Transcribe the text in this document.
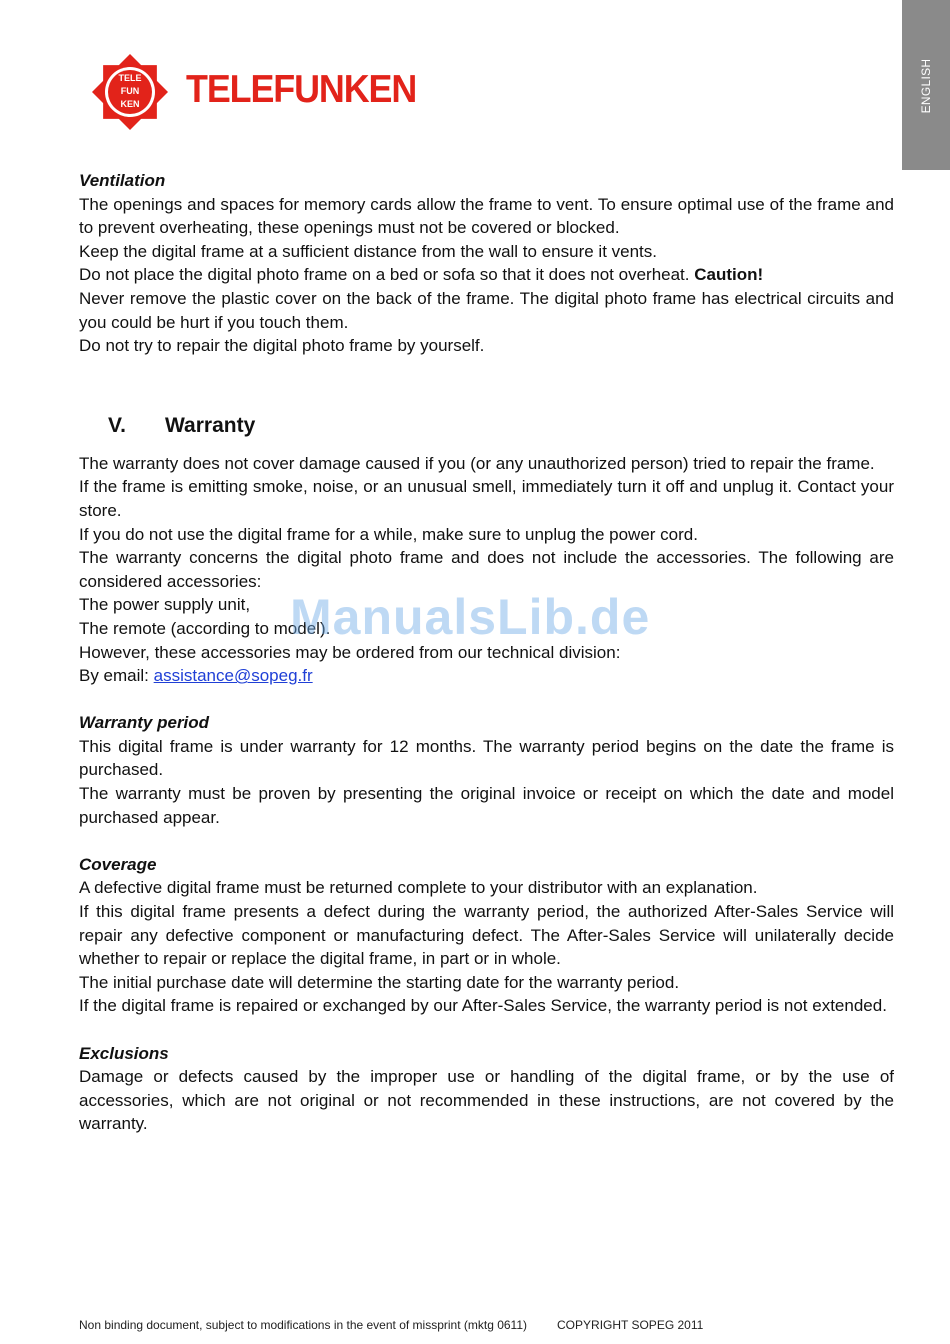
ENGLISH
TELE
FUN
KEN TELEFUNKEN

Ventilation

The openings and spaces for memory cards allow the frame to vent. To ensure optimal use of the frame and to prevent overheating, these openings must not be covered or blocked.

Keep the digital frame at a sufficient distance from the wall to ensure it vents.

Do not place the digital photo frame on a bed or sofa so that it does not overheat. Caution!

Never remove the plastic cover on the back of the frame. The digital photo frame has electrical circuits and you could be hurt if you touch them.

Do not try to repair the digital photo frame by yourself.

The warranty does not cover damage caused if you (or any unauthorized person) tried to repair the frame.

If the frame is emitting smoke, noise, or an unusual smell, immediately turn it off and unplug it. Contact your store.

If you do not use the digital frame for a while, make sure to unplug the power cord.

The warranty concerns the digital photo frame and does not include the accessories. The following are considered accessories:

The power supply unit,

The remote (according to model).

However, these accessories may be ordered from our technical division:

By email: assistance@sopeg.fr

Warranty period

This digital frame is under warranty for 12 months. The warranty period begins on the date the frame is purchased.

The warranty must be proven by presenting the original invoice or receipt on which the date and model purchased appear.

Coverage

A defective digital frame must be returned complete to your distributor with an explanation.

If this digital frame presents a defect during the warranty period, the authorized After-Sales Service will repair any defective component or manufacturing defect. The After-Sales Service will unilaterally decide whether to repair or replace the digital frame, in part or in whole.

The initial purchase date will determine the starting date for the warranty period.

If the digital frame is repaired or exchanged by our After-Sales Service, the warranty period is not extended.

Exclusions

Damage or defects caused by the improper use or handling of the digital frame, or by the use of accessories, which are not original or not recommended in these instructions, are not covered by the warranty.

V. Warranty
ManualsLib.de
Non binding document, subject to modifications in the event of missprint (mktg 0611)	COPYRIGHT SOPEG 2011
